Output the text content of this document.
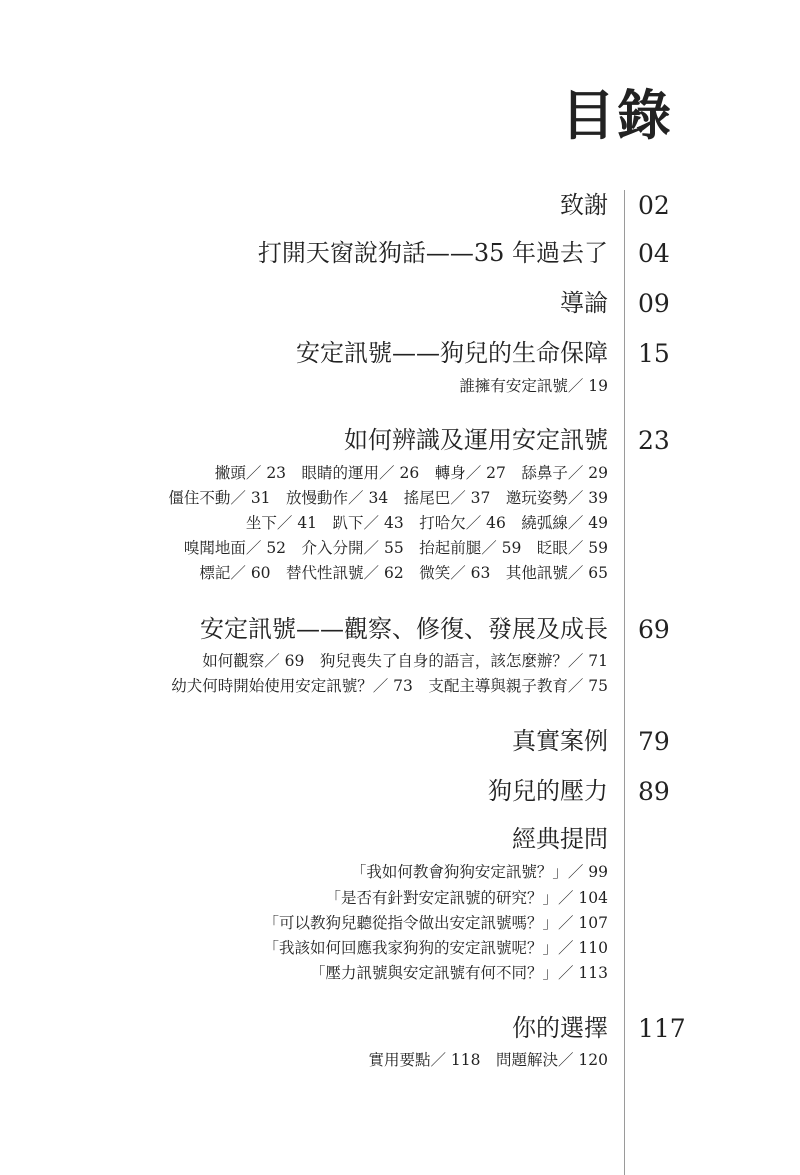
目錄
致謝 02
打開天窗說狗話——35 年過去了 04
導論 09
安定訊號——狗兒的生命保障 15
誰擁有安定訊號／ 19
如何辨識及運用安定訊號 23
撇頭／ 23　眼睛的運用／ 26　轉身／ 27　舔鼻子／ 29
僵住不動／ 31　放慢動作／ 34　搖尾巴／ 37　邀玩姿勢／ 39
坐下／ 41　趴下／ 43　打哈欠／ 46　繞弧線／ 49
嗅聞地面／ 52　介入分開／ 55　抬起前腿／ 59　眨眼／ 59
標記／ 60　替代性訊號／ 62　微笑／ 63　其他訊號／ 65
安定訊號——觀察、修復、發展及成長 69
如何觀察／ 69　狗兒喪失了自身的語言，該怎麼辦？／ 71
幼犬何時開始使用安定訊號？／ 73　支配主導與親子教育／ 75
真實案例 79
狗兒的壓力 89
經典提問
「我如何教會狗狗安定訊號？」／ 99
「是否有針對安定訊號的研究？」／ 104
「可以教狗兒聽從指令做出安定訊號嗎？」／ 107
「我該如何回應我家狗狗的安定訊號呢？」／ 110
「壓力訊號與安定訊號有何不同？」／ 113
你的選擇 117
實用要點／ 118　問題解決／ 120
